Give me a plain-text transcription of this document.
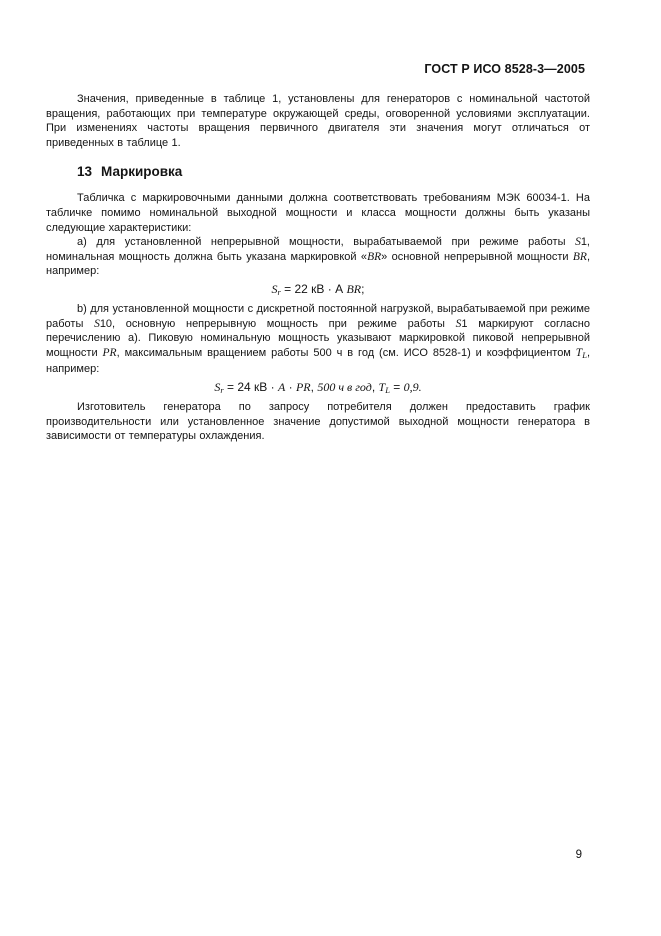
ГОСТ Р ИСО 8528-3—2005

Значения, приведенные в таблице 1, установлены для генераторов с номинальной частотой вращения, работающих при температуре окружающей среды, оговоренной условиями эксплуатации. При изменениях частоты вращения первичного двигателя эти значения могут отличаться от приведенных в таблице 1.

13 Маркировка

Табличка с маркировочными данными должна соответствовать требованиям МЭК 60034-1. На табличке помимо номинальной выходной мощности и класса мощности должны быть указаны следующие характеристики:

а) для установленной непрерывной мощности, вырабатываемой при режиме работы S1, номинальная мощность должна быть указана маркировкой «BR» основной непрерывной мощности BR, например:

$S_r = 22$ кВ · А BR;

b) для установленной мощности с дискретной постоянной нагрузкой, вырабатываемой при режиме работы S10, основную непрерывную мощность при режиме работы S1 маркируют согласно перечислению а). Пиковую номинальную мощность указывают маркировкой пиковой непрерывной мощности PR, максимальным вращением работы 500 ч в год (см. ИСО 8528-1) и коэффициентом $T_L$, например:

$S_r = 24$ кВ · А · PR, 500 ч в год, $T_L = 0,9$.

Изготовитель генератора по запросу потребителя должен предоставить график производительности или установленное значение допустимой выходной мощности генератора в зависимости от температуры охлаждения.

9
